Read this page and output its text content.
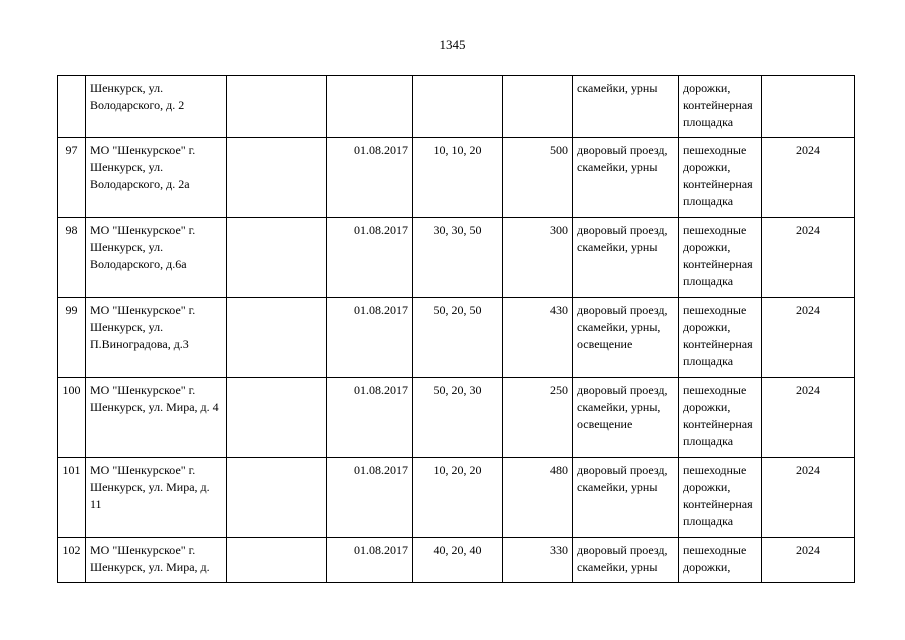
1345
	Шенкурск, ул. Володарского, д. 2					скамейки, урны	дорожки, контейнерная площадка	
97	МО "Шенкурское" г. Шенкурск, ул. Володарского, д. 2а		01.08.2017	10, 10, 20	500	дворовый проезд, скамейки, урны	пешеходные дорожки, контейнерная площадка	2024
98	МО "Шенкурское" г. Шенкурск, ул. Володарского, д.6а		01.08.2017	30, 30, 50	300	дворовый проезд, скамейки, урны	пешеходные дорожки, контейнерная площадка	2024
99	МО "Шенкурское" г. Шенкурск, ул. П.Виноградова, д.3		01.08.2017	50, 20, 50	430	дворовый проезд, скамейки, урны, освещение	пешеходные дорожки, контейнерная площадка	2024
100	МО "Шенкурское" г. Шенкурск, ул. Мира, д. 4		01.08.2017	50, 20, 30	250	дворовый проезд, скамейки, урны, освещение	пешеходные дорожки, контейнерная площадка	2024
101	МО "Шенкурское" г. Шенкурск, ул. Мира, д. 11		01.08.2017	10, 20, 20	480	дворовый проезд, скамейки, урны	пешеходные дорожки, контейнерная площадка	2024
102	МО "Шенкурское" г. Шенкурск, ул. Мира, д.		01.08.2017	40, 20, 40	330	дворовый проезд, скамейки, урны	пешеходные дорожки,	2024
